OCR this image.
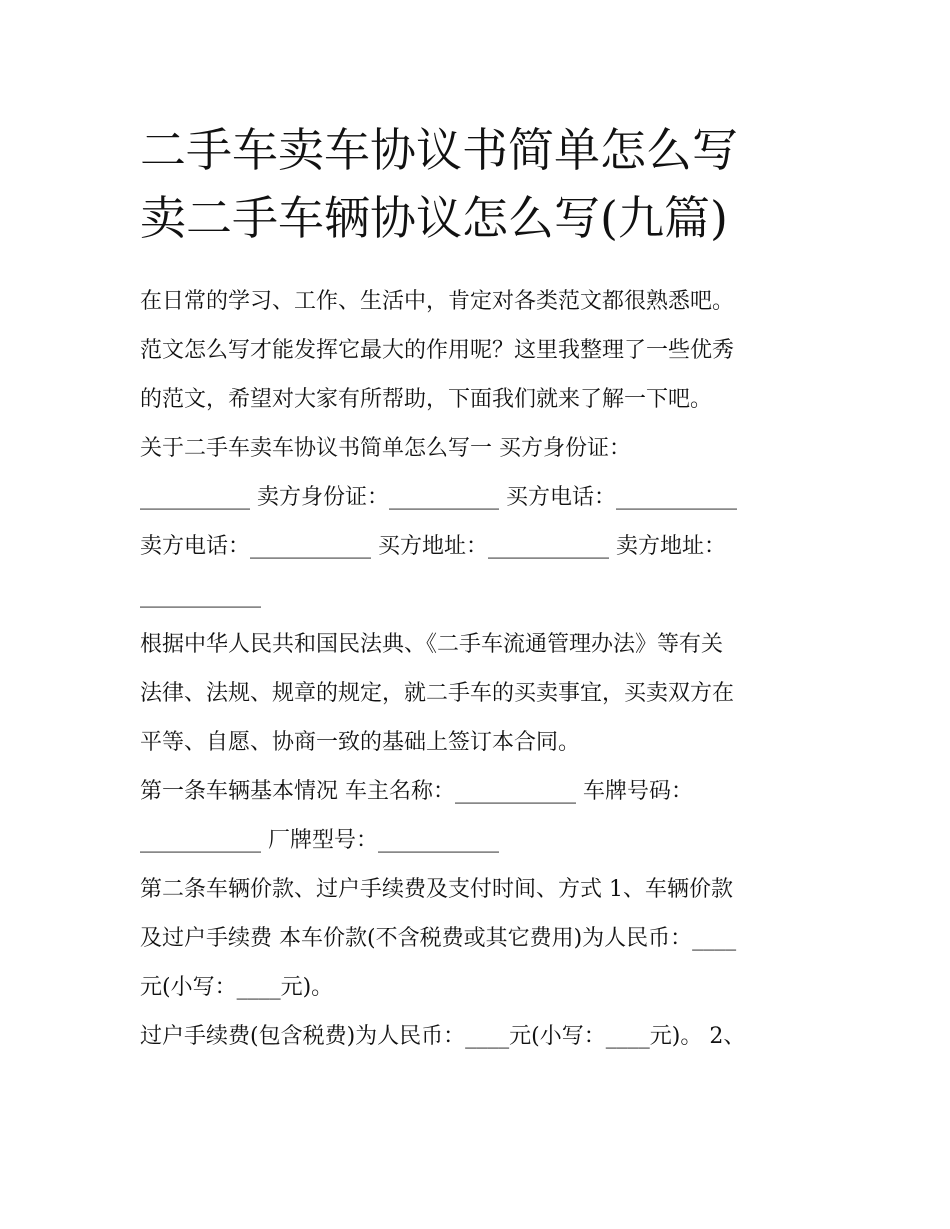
二手车卖车协议书简单怎么写
卖二手车辆协议怎么写(九篇)
在日常的学习、工作、生活中，肯定对各类范文都很熟悉吧。
范文怎么写才能发挥它最大的作用呢？这里我整理了一些优秀
的范文，希望对大家有所帮助，下面我们就来了解一下吧。
关于二手车卖车协议书简单怎么写一 买方身份证：
__________ 卖方身份证：__________ 买方电话：___________
卖方电话：___________ 买方地址：___________ 卖方地址：
___________
根据中华人民共和国民法典、《二手车流通管理办法》等有关
法律、法规、规章的规定，就二手车的买卖事宜，买卖双方在
平等、自愿、协商一致的基础上签订本合同。
第一条车辆基本情况 车主名称：___________ 车牌号码：
___________ 厂牌型号：___________
第二条车辆价款、过户手续费及支付时间、方式 1、车辆价款
及过户手续费 本车价款(不含税费或其它费用)为人民币：____
元(小写：____元)。
过户手续费(包含税费)为人民币：____元(小写：____元)。 2、
